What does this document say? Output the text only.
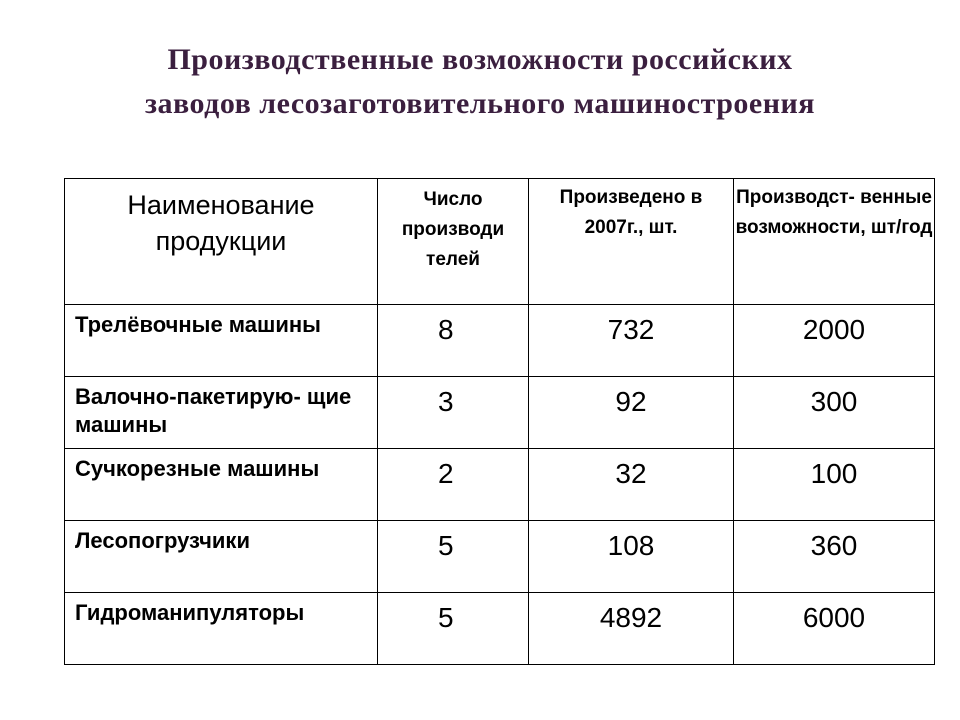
Производственные возможности российских
заводов лесозаготовительного машиностроения
Наименование продукции	Число производи телей	Произведено в 2007г., шт.	Производст- венные возможности, шт/год

Трелёвочные машины	8	732	2000

Валочно-пакетирую- щие машины	3	92	300

Сучкорезные машины	2	32	100

Лесопогрузчики	5	108	360

Гидроманипуляторы	5	4892	6000
